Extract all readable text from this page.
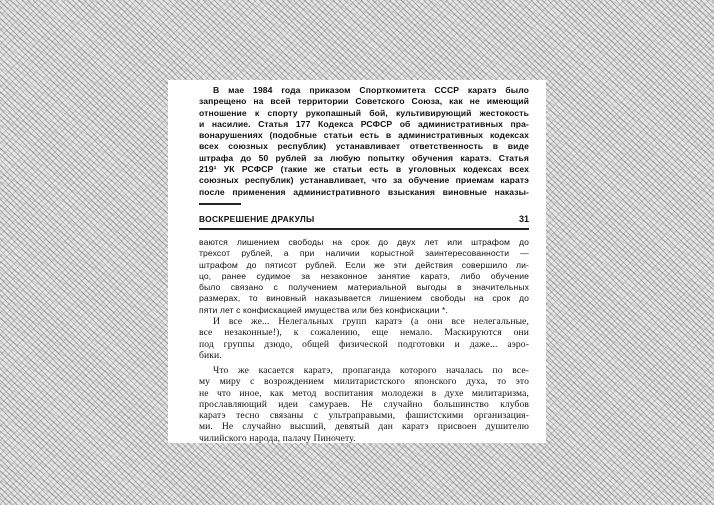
В мае 1984 года приказом Спорткомитета СССР каратэ было
запрещено на всей территории Советского Союза, как не имеющий
отношение к спорту рукопашный бой, культивирующий жестокость
и насилие. Статья 177 Кодекса РСФСР об административных пра-
вонарушениях (подобные статьи есть в административных кодексах
всех союзных республик) устанавливает ответственность в виде
штрафа до 50 рублей за любую попытку обучения каратэ. Статья
219¹ УК РСФСР (такие же статьи есть в уголовных кодексах всех
союзных республик) устанавливает, что за обучение приемам каратэ
после применения административного взыскания виновные наказы-
ВОСКРЕШЕНИЕ ДРАКУЛЫ	31
ваются лишением свободы на срок до двух лет или штрафом до
трехсот рублей, а при наличии корыстной заинтересованности —
штрафом до пятисот рублей. Если же эти действия совершило ли-
цо, ранее судимое за незаконное занятие каратэ, либо обучение
было связано с получением материальной выгоды в значительных
размерах, то виновный наказывается лишением свободы на срок до
пяти лет с конфискацией имущества или без конфискации *.
И все же... Нелегальных групп каратэ (а они все нелегальные,
все незаконные!), к сожалению, еще немало. Маскируются они
под группы дзюдо, общей физической подготовки и даже... аэро-
бики.
Что же касается каратэ, пропаганда которого началась по все-
му миру с возрождением милитаристского японского духа, то это
не что иное, как метод воспитания молодежи в духе милитаризма,
прославляющий идеи самураев. Не случайно большинство клубов
каратэ тесно связаны с ультраправыми, фашистскими организация-
ми. Не случайно высший, девятый дан каратэ присвоен душителю
чилийского народа, палачу Пиночету.
